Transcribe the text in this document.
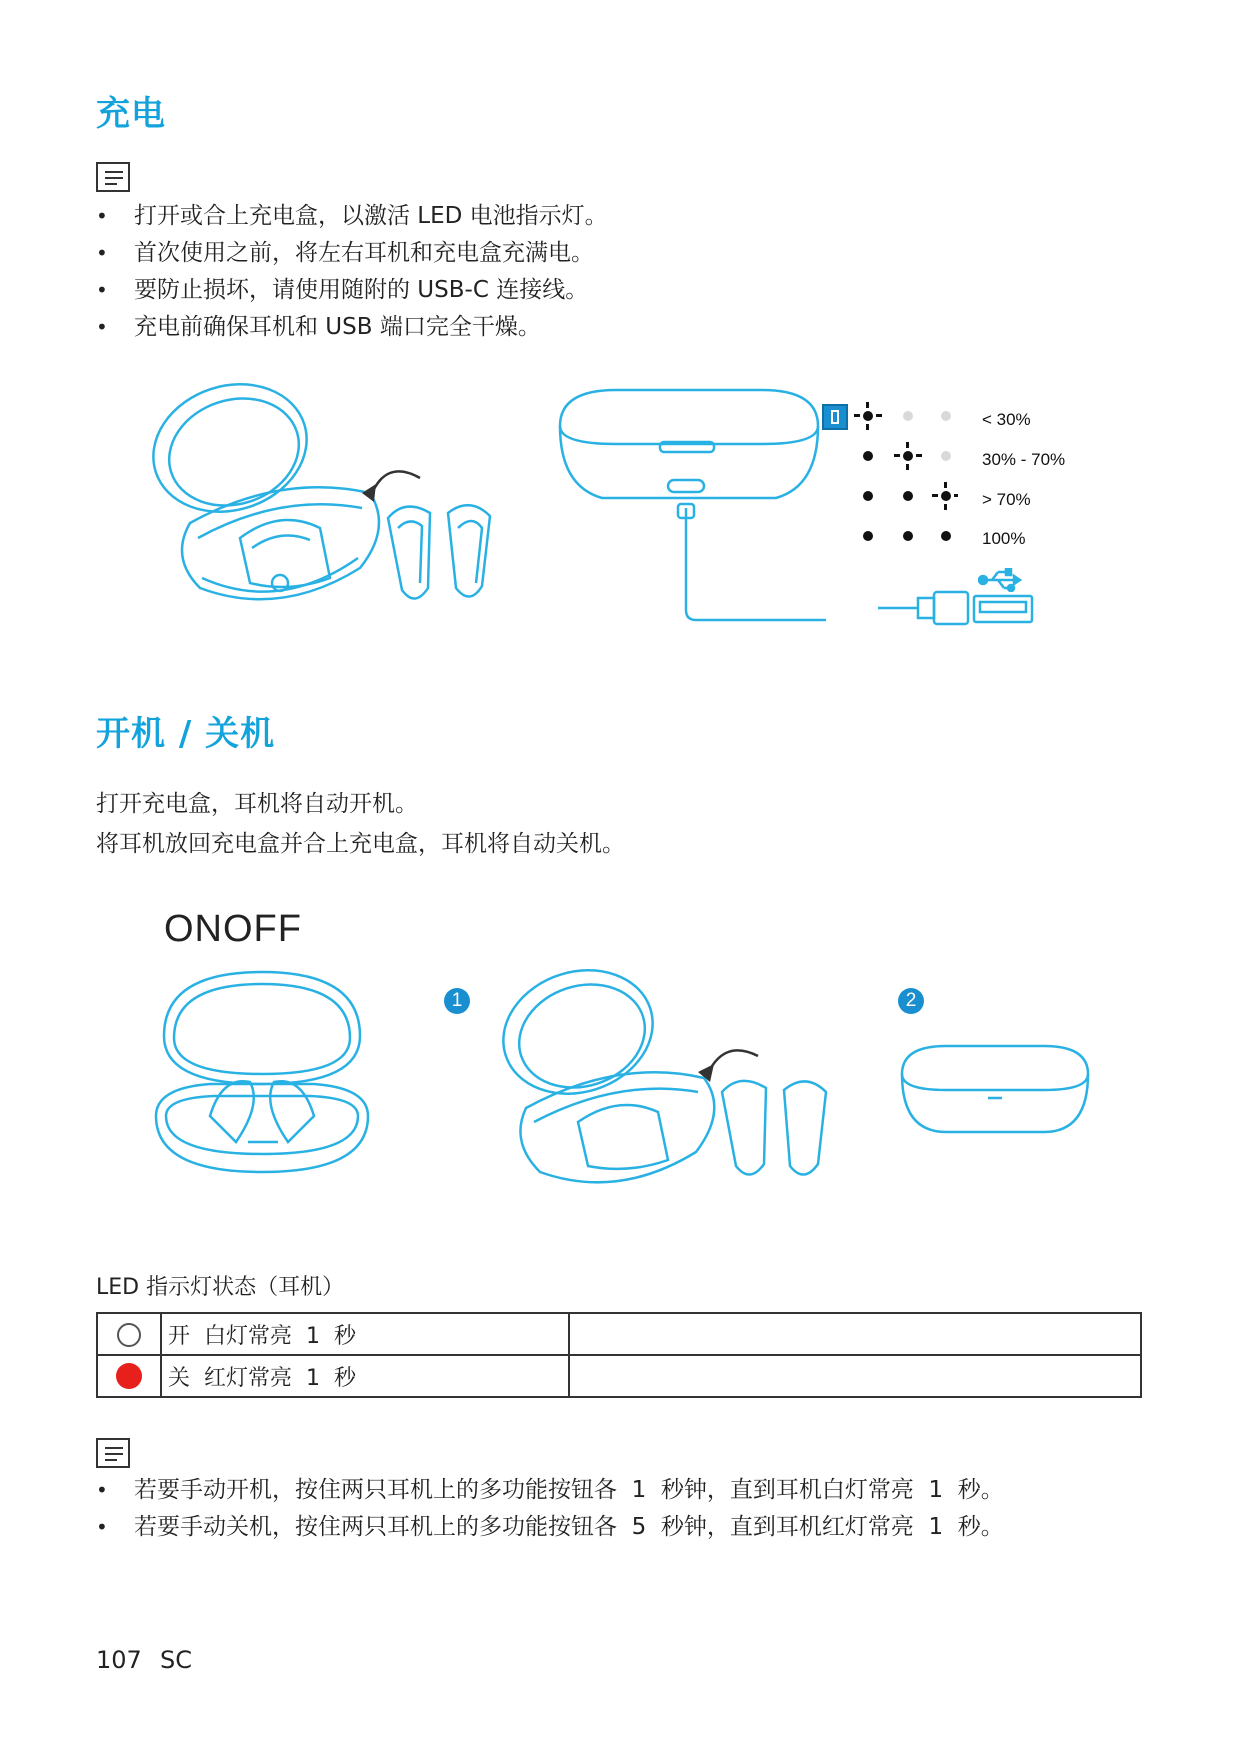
充电
• 打开或合上充电盒，以激活 LED 电池指示灯。
• 首次使用之前，将左右耳机和充电盒充满电。
• 要防止损坏，请使用随附的 USB-C 连接线。
• 充电前确保耳机和 USB 端口完全干燥。
< 30%
30% - 70%
> 70%
100%
开机 / 关机
打开充电盒，耳机将自动开机。
将耳机放回充电盒并合上充电盒，耳机将自动关机。
ONOFF
1	2
LED 指示灯状态（耳机）
	开  白灯常亮  1  秒	
	关  红灯常亮  1  秒	
• 若要手动开机，按住两只耳机上的多功能按钮各  1  秒钟，直到耳机白灯常亮  1  秒。
• 若要手动关机，按住两只耳机上的多功能按钮各  5  秒钟，直到耳机红灯常亮  1  秒。
107 SC
